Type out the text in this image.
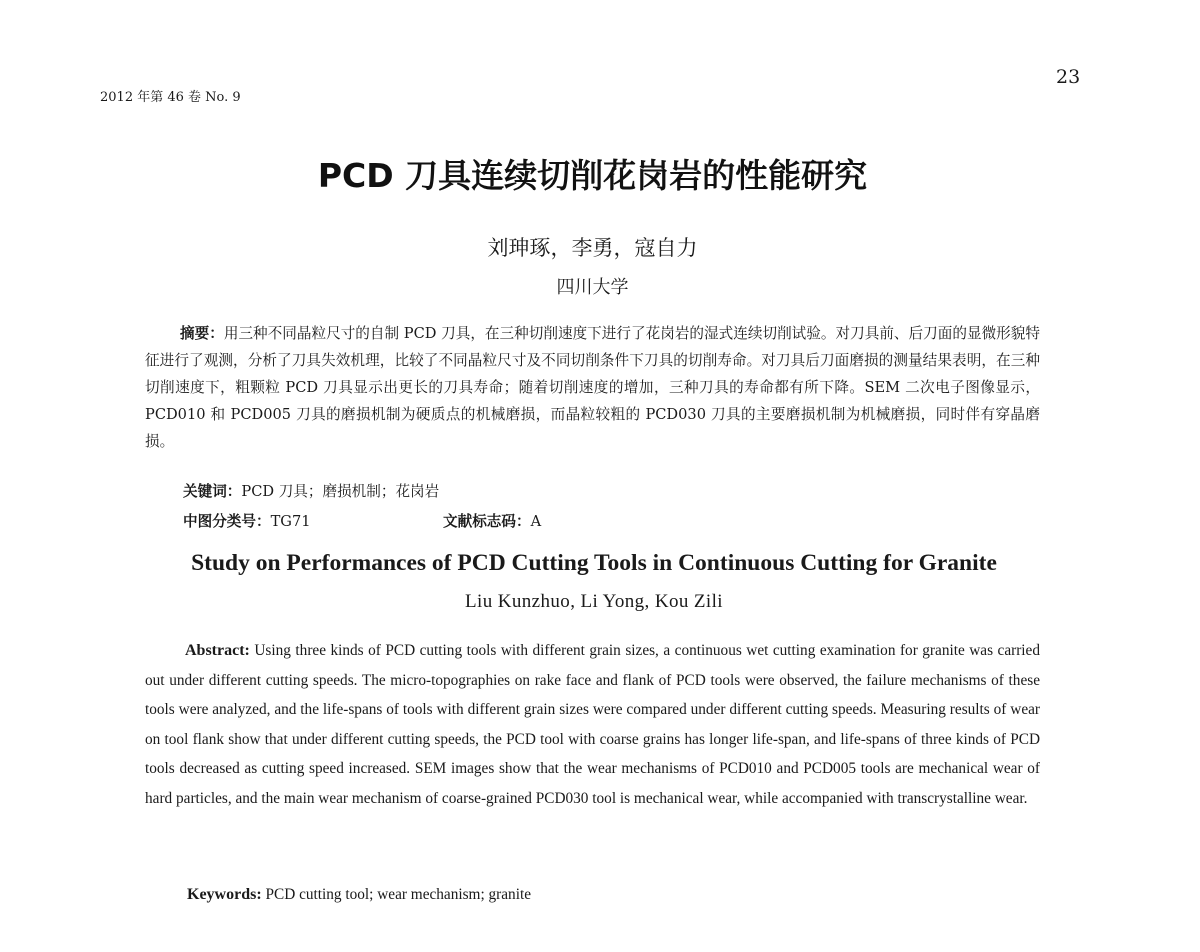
2012 年第 46 卷 No. 9
23
PCD 刀具连续切削花岗岩的性能研究
刘珅琢，李勇，寇自力
四川大学
摘要：用三种不同晶粒尺寸的自制 PCD 刀具，在三种切削速度下进行了花岗岩的湿式连续切削试验。对刀具前、后刀面的显微形貌特征进行了观测，分析了刀具失效机理，比较了不同晶粒尺寸及不同切削条件下刀具的切削寿命。对刀具后刀面磨损的测量结果表明，在三种切削速度下，粗颗粒 PCD 刀具显示出更长的刀具寿命；随着切削速度的增加，三种刀具的寿命都有所下降。SEM 二次电子图像显示，PCD010 和 PCD005 刀具的磨损机制为硬质点的机械磨损，而晶粒较粗的 PCD030 刀具的主要磨损机制为机械磨损，同时伴有穿晶磨损。
关键词：PCD 刀具；磨损机制；花岗岩
中图分类号：TG71	文献标志码：A
Study on Performances of PCD Cutting Tools in Continuous Cutting for Granite
Liu Kunzhuo, Li Yong, Kou Zili
Abstract: Using three kinds of PCD cutting tools with different grain sizes, a continuous wet cutting examination for granite was carried out under different cutting speeds. The micro-topographies on rake face and flank of PCD tools were observed, the failure mechanisms of these tools were analyzed, and the life-spans of tools with different grain sizes were compared under different cutting speeds. Measuring results of wear on tool flank show that under different cutting speeds, the PCD tool with coarse grains has longer life-span, and life-spans of three kinds of PCD tools decreased as cutting speed increased. SEM images show that the wear mechanisms of PCD010 and PCD005 tools are mechanical wear of hard particles, and the main wear mechanism of coarse-grained PCD030 tool is mechanical wear, while accompanied with transcrystalline wear.
Keywords: PCD cutting tool; wear mechanism; granite
